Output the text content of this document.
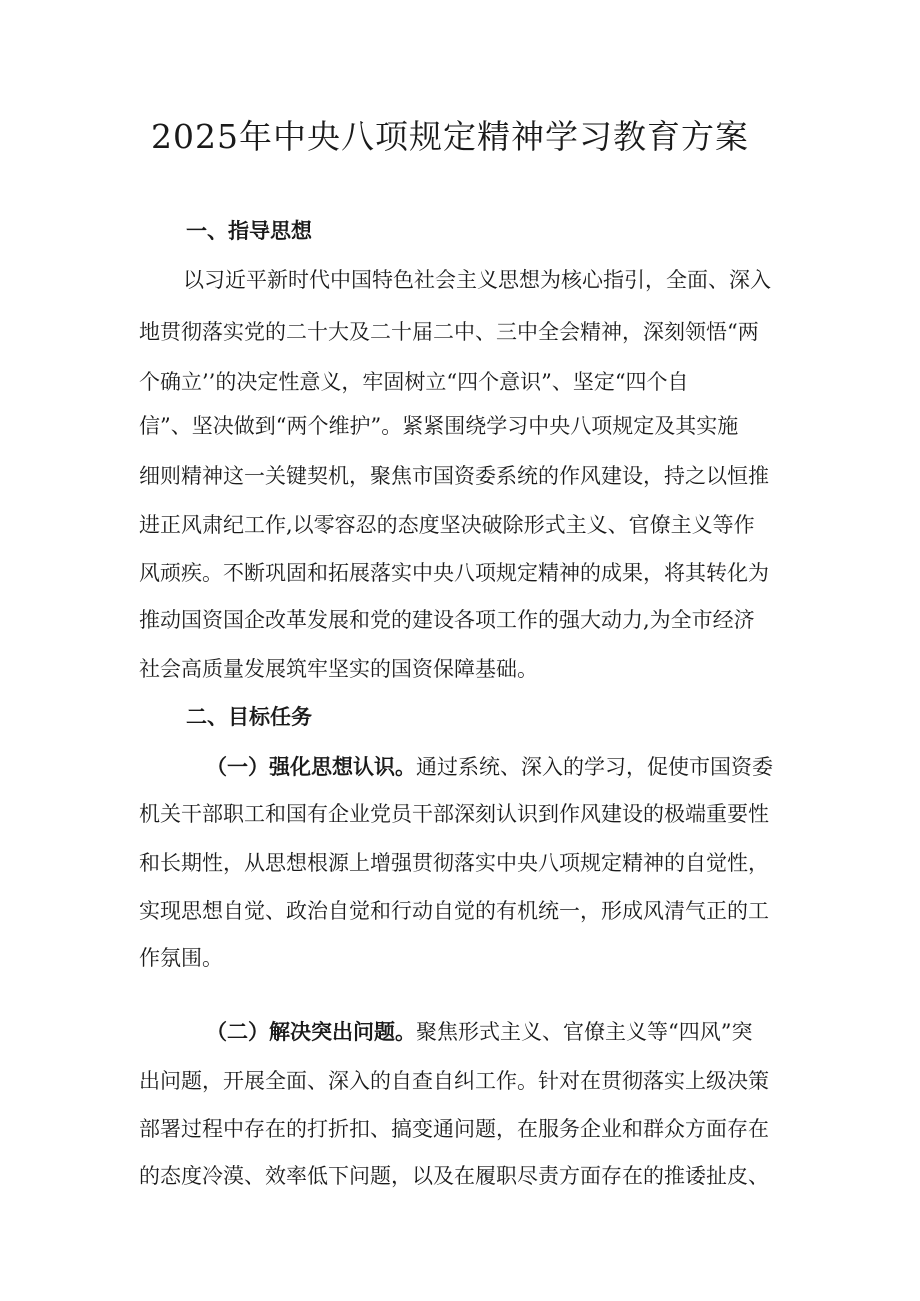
2025年中央八项规定精神学习教育方案
一、指导思想

以习近平新时代中国特色社会主义思想为核心指引，全面、深入

地贯彻落实党的二十大及二十届二中、三中全会精神，深刻领悟“两

个确立’’的决定性意义，牢固树立“四个意识”、坚定“四个自

信”、坚决做到“两个维护”。紧紧围绕学习中央八项规定及其实施

细则精神这一关键契机，聚焦市国资委系统的作风建设，持之以恒推

进正风肃纪工作,以零容忍的态度坚决破除形式主义、官僚主义等作

风顽疾。不断巩固和拓展落实中央八项规定精神的成果，将其转化为

推动国资国企改革发展和党的建设各项工作的强大动力,为全市经济

社会高质量发展筑牢坚实的国资保障基础。

二、目标任务

（一）强化思想认识。通过系统、深入的学习，促使市国资委

机关干部职工和国有企业党员干部深刻认识到作风建设的极端重要性

和长期性，从思想根源上增强贯彻落实中央八项规定精神的自觉性，

实现思想自觉、政治自觉和行动自觉的有机统一，形成风清气正的工

作氛围。

（二）解决突出问题。聚焦形式主义、官僚主义等“四风”突

出问题，开展全面、深入的自查自纠工作。针对在贯彻落实上级决策

部署过程中存在的打折扣、搞变通问题，在服务企业和群众方面存在

的态度冷漠、效率低下问题，以及在履职尽责方面存在的推诿扯皮、
